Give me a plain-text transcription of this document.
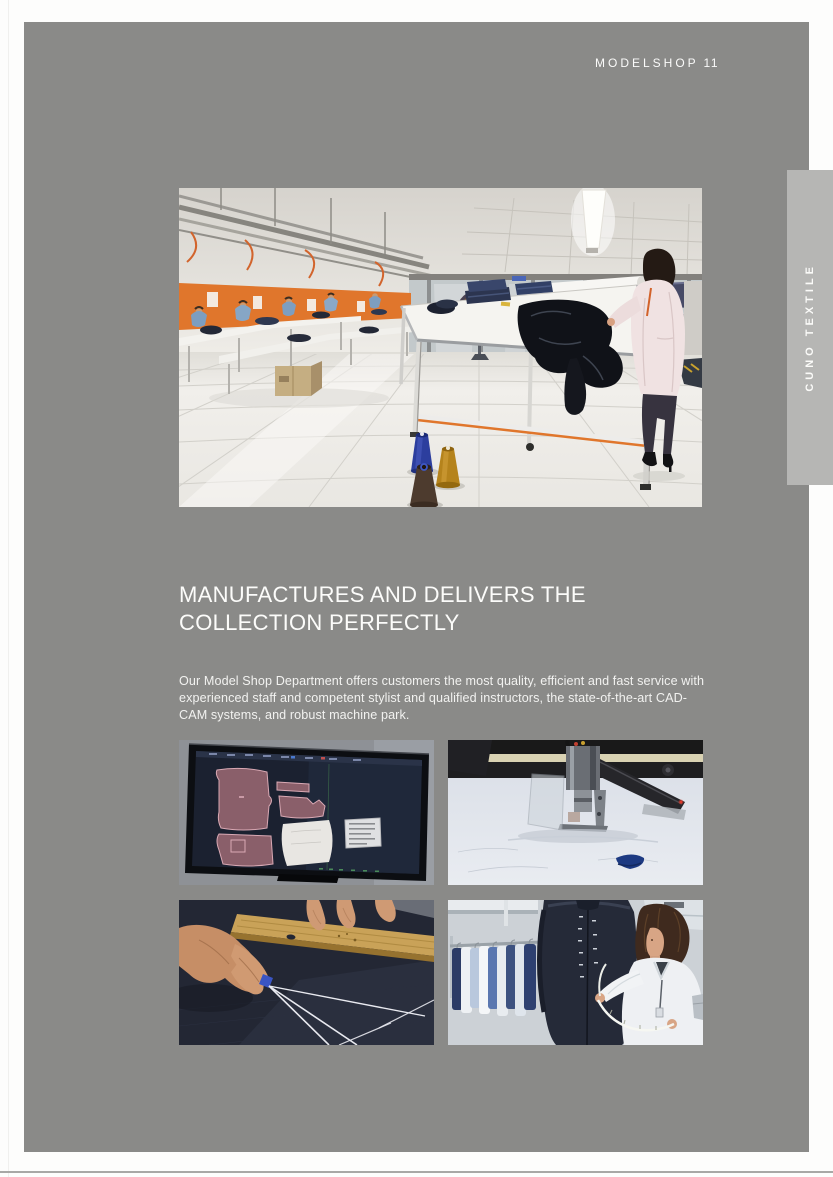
MODELSHOP 11
MANUFACTURES AND DELIVERS THE
COLLECTION PERFECTLY
Our Model Shop Department offers customers the most quality, efficient and fast service with experienced staff and competent stylist and qualified instructors, the state-of-the-art CAD-CAM systems, and robust machine park.
CUNO TEXTILE
